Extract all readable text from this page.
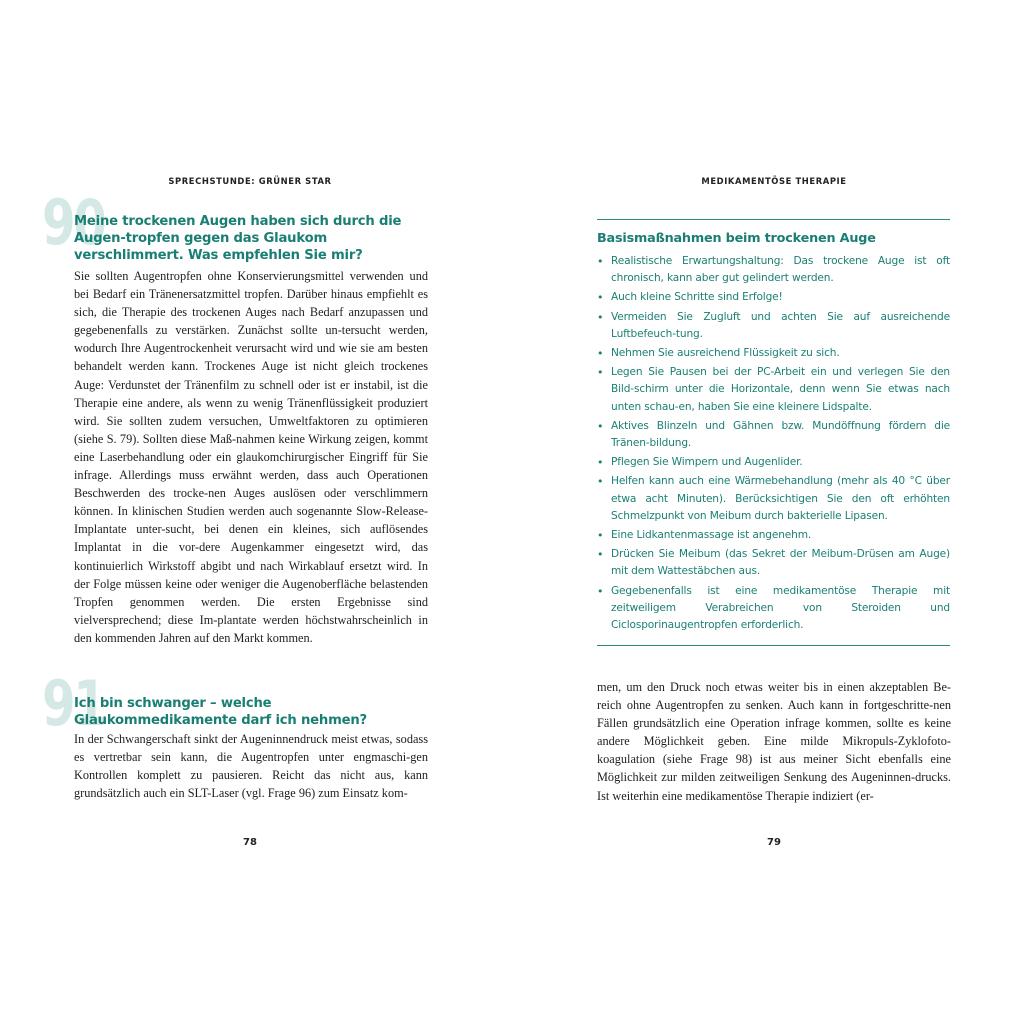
SPRECHSTUNDE: GRÜNER STAR
90
Meine trockenen Augen haben sich durch die Augen-tropfen gegen das Glaukom verschlimmert. Was empfehlen Sie mir?

Sie sollten Augentropfen ohne Konservierungsmittel verwenden und bei Bedarf ein Tränenersatzmittel tropfen. Darüber hinaus empfiehlt es sich, die Therapie des trockenen Auges nach Bedarf anzupassen und gegebenenfalls zu verstärken. Zunächst sollte un-tersucht werden, wodurch Ihre Augentrockenheit verursacht wird und wie sie am besten behandelt werden kann. Trockenes Auge ist nicht gleich trockenes Auge: Verdunstet der Tränenfilm zu schnell oder ist er instabil, ist die Therapie eine andere, als wenn zu wenig Tränenflüssigkeit produziert wird. Sie sollten zudem versuchen, Umweltfaktoren zu optimieren (siehe S. 79). Sollten diese Maß-nahmen keine Wirkung zeigen, kommt eine Laserbehandlung oder ein glaukomchirurgischer Eingriff für Sie infrage. Allerdings muss erwähnt werden, dass auch Operationen Beschwerden des trocke-nen Auges auslösen oder verschlimmern können. In klinischen Studien werden auch sogenannte Slow-Release-Implantate unter-sucht, bei denen ein kleines, sich auflösendes Implantat in die vor-dere Augenkammer eingesetzt wird, das kontinuierlich Wirkstoff abgibt und nach Wirkablauf ersetzt wird. In der Folge müssen keine oder weniger die Augenoberfläche belastenden Tropfen genommen werden. Die ersten Ergebnisse sind vielversprechend; diese Im-plantate werden höchstwahrscheinlich in den kommenden Jahren auf den Markt kommen.

91
Ich bin schwanger – welche Glaukommedikamente darf ich nehmen?

In der Schwangerschaft sinkt der Augeninnendruck meist etwas, sodass es vertretbar sein kann, die Augentropfen unter engmaschi-gen Kontrollen komplett zu pausieren. Reicht das nicht aus, kann grundsätzlich auch ein SLT-Laser (vgl. Frage 96) zum Einsatz kom-

78
MEDIKAMENTÖSE THERAPIE
Basismaßnahmen beim trockenen Auge
• Realistische Erwartungshaltung: Das trockene Auge ist oft chronisch, kann aber gut gelindert werden.
• Auch kleine Schritte sind Erfolge!
• Vermeiden Sie Zugluft und achten Sie auf ausreichende Luftbefeuch-tung.
• Nehmen Sie ausreichend Flüssigkeit zu sich.
• Legen Sie Pausen bei der PC-Arbeit ein und verlegen Sie den Bild-schirm unter die Horizontale, denn wenn Sie etwas nach unten schau-en, haben Sie eine kleinere Lidspalte.
• Aktives Blinzeln und Gähnen bzw. Mundöffnung fördern die Tränen-bildung.
• Pflegen Sie Wimpern und Augenlider.
• Helfen kann auch eine Wärmebehandlung (mehr als 40 °C über etwa acht Minuten). Berücksichtigen Sie den oft erhöhten Schmelzpunkt von Meibum durch bakterielle Lipasen.
• Eine Lidkantenmassage ist angenehm.
• Drücken Sie Meibum (das Sekret der Meibum-Drüsen am Auge) mit dem Wattestäbchen aus.
• Gegebenenfalls ist eine medikamentöse Therapie mit zeitweiligem Verabreichen von Steroiden und Ciclosporinaugentropfen erforderlich.

men, um den Druck noch etwas weiter bis in einen akzeptablen Be-reich ohne Augentropfen zu senken. Auch kann in fortgeschritte-nen Fällen grundsätzlich eine Operation infrage kommen, sollte es keine andere Möglichkeit geben. Eine milde Mikropuls-Zyklofoto-koagulation (siehe Frage 98) ist aus meiner Sicht ebenfalls eine Möglichkeit zur milden zeitweiligen Senkung des Augeninnen-drucks. Ist weiterhin eine medikamentöse Therapie indiziert (er-

79
